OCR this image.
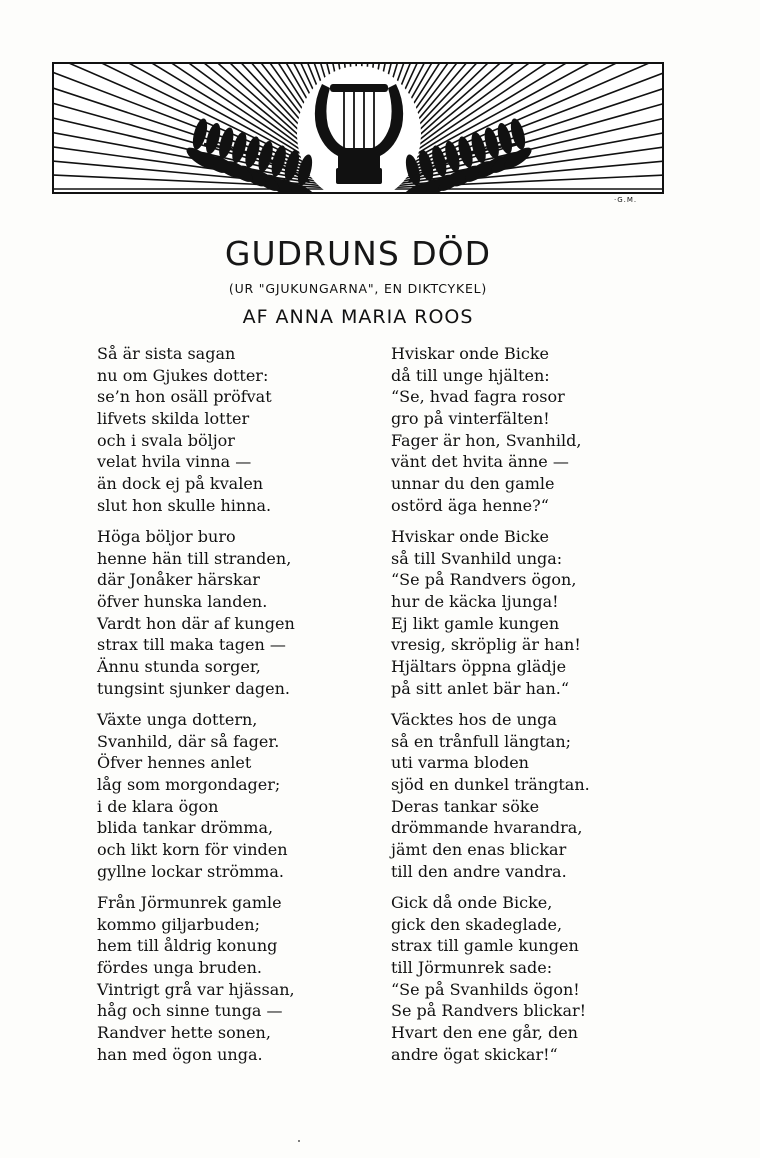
·G.M.
GUDRUNS DÖD
(UR "GJUKUNGARNA", EN DIKTCYKEL)
AF ANNA MARIA ROOS
Så är sista sagan
nu om Gjukes dotter:
se’n hon osäll pröfvat
lifvets skilda lotter
och i svala böljor
velat hvila vinna —
än dock ej på kvalen
slut hon skulle hinna.
Höga böljor buro
henne hän till stranden,
där Jonåker härskar
öfver hunska landen.
Vardt hon där af kungen
strax till maka tagen —
Ännu stunda sorger,
tungsint sjunker dagen.
Växte unga dottern,
Svanhild, där så fager.
Öfver hennes anlet
låg som morgondager;
i de klara ögon
blida tankar drömma,
och likt korn för vinden
gyllne lockar strömma.
Från Jörmunrek gamle
kommo giljarbuden;
hem till åldrig konung
fördes unga bruden.
Vintrigt grå var hjässan,
håg och sinne tunga —
Randver hette sonen,
han med ögon unga.
Hviskar onde Bicke
då till unge hjälten:
“Se, hvad fagra rosor
gro på vinterfälten!
Fager är hon, Svanhild,
vänt det hvita änne —
unnar du den gamle
ostörd äga henne?“
Hviskar onde Bicke
så till Svanhild unga:
“Se på Randvers ögon,
hur de käcka ljunga!
Ej likt gamle kungen
vresig, skröplig är han!
Hjältars öppna glädje
på sitt anlet bär han.“
Väcktes hos de unga
så en trånfull längtan;
uti varma bloden
sjöd en dunkel trängtan.
Deras tankar söke
drömmande hvarandra,
jämt den enas blickar
till den andre vandra.
Gick då onde Bicke,
gick den skadeglade,
strax till gamle kungen
till Jörmunrek sade:
“Se på Svanhilds ögon!
Se på Randvers blickar!
Hvart den ene går, den
andre ögat skickar!“
